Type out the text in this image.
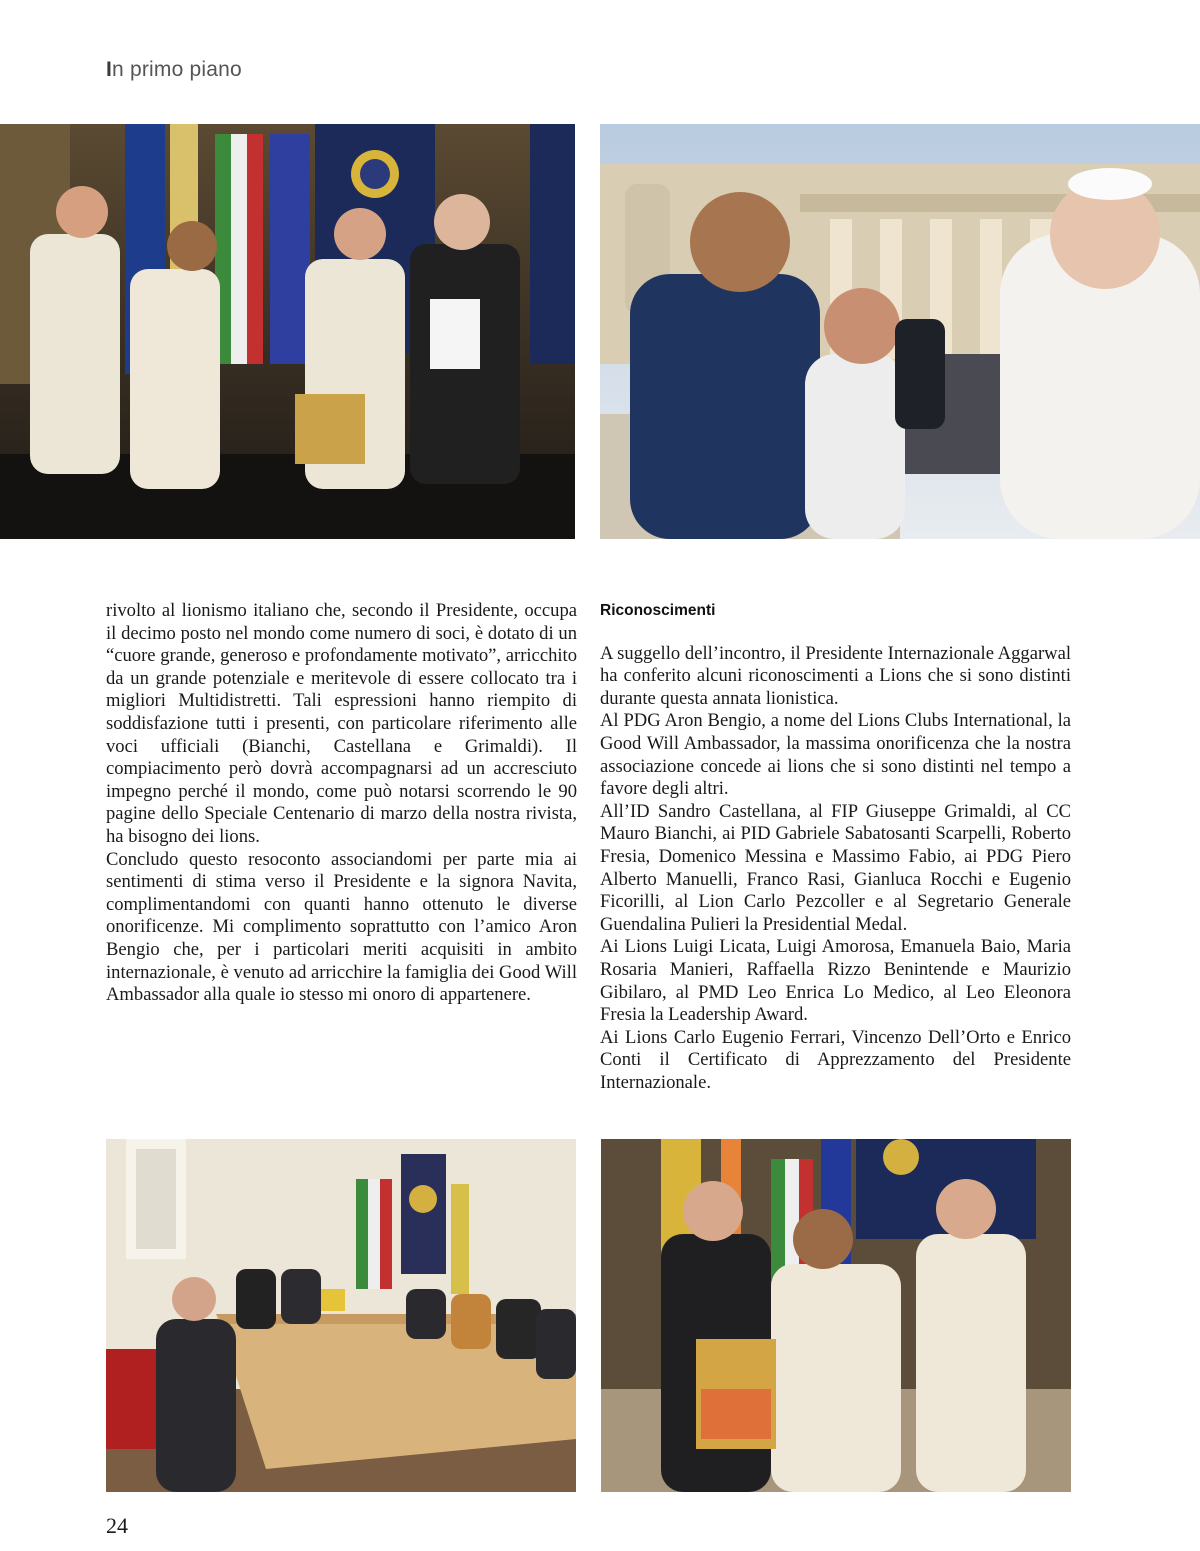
In primo piano

rivolto al lionismo italiano che, secondo il Presidente, occupa il decimo posto nel mondo come numero di soci, è dotato di un “cuore grande, generoso e profondamente motivato”, arricchito da un grande potenziale e meritevole di essere collocato tra i migliori Multidistretti. Tali espressioni hanno riempito di soddisfazione tutti i presenti, con particolare riferimento alle voci ufficiali (Bianchi, Castellana e Grimaldi). Il compiacimento però dovrà accompagnarsi ad un accresciuto impegno perché il mondo, come può notarsi scorrendo le 90 pagine dello Speciale Centenario di marzo della nostra rivista, ha bisogno dei lions.

Concludo questo resoconto associandomi per parte mia ai sentimenti di stima verso il Presidente e la signora Navita, complimentandomi con quanti hanno ottenuto le diverse onorificenze. Mi complimento soprattutto con l’amico Aron Bengio che, per i particolari meriti acquisiti in ambito internazionale, è venuto ad arricchire la famiglia dei Good Will Ambassador alla quale io stesso mi onoro di appartenere.

Riconoscimenti

A suggello dell’incontro, il Presidente Internazionale Aggarwal ha conferito alcuni riconoscimenti a Lions che si sono distinti durante questa annata lionistica.

Al PDG Aron Bengio, a nome del Lions Clubs International, la Good Will Ambassador, la massima onorificenza che la nostra associazione concede ai lions che si sono distinti nel tempo a favore degli altri.

All’ID Sandro Castellana, al FIP Giuseppe Grimaldi, al CC Mauro Bianchi, ai PID Gabriele Sabatosanti Scarpelli, Roberto Fresia, Domenico Messina e Massimo Fabio, ai PDG Piero Alberto Manuelli, Franco Rasi, Gianluca Rocchi e Eugenio Ficorilli, al Lion Carlo Pezcoller e al Segretario Generale Guendalina Pulieri la Presidential Medal.

Ai Lions Luigi Licata, Luigi Amorosa, Emanuela Baio, Maria Rosaria Manieri, Raffaella Rizzo Benintende e Maurizio Gibilaro, al PMD Leo Enrica Lo Medico, al Leo Eleonora Fresia la Leadership Award.

Ai Lions Carlo Eugenio Ferrari, Vincenzo Dell’Orto e Enrico Conti il Certificato di Apprezzamento del Presidente Internazionale.

24
